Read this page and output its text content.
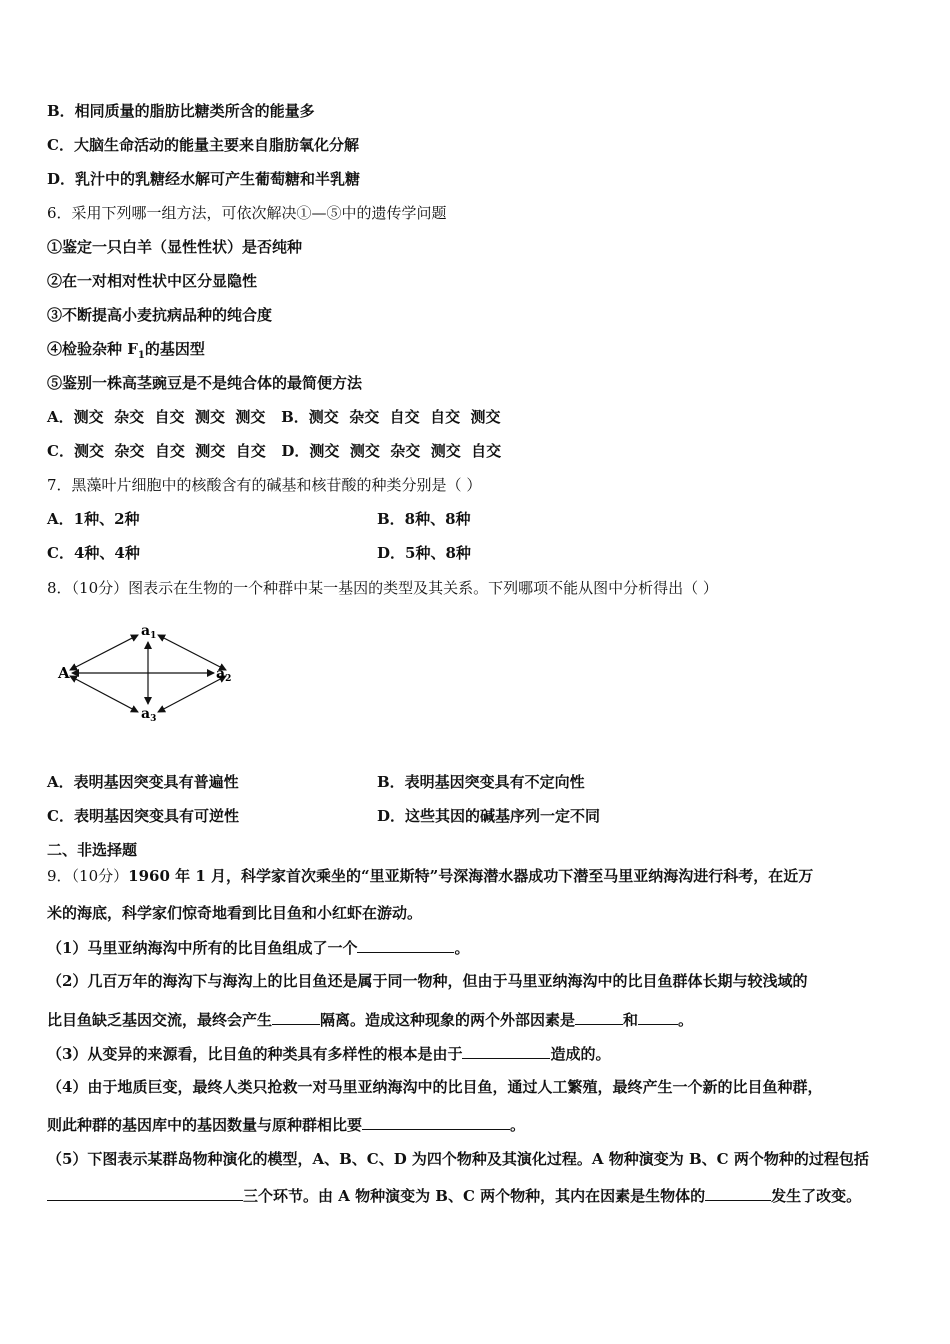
B．相同质量的脂肪比糖类所含的能量多
C．大脑生命活动的能量主要来自脂肪氧化分解
D．乳汁中的乳糖经水解可产生葡萄糖和半乳糖
6．采用下列哪一组方法，可依次解决①—⑤中的遗传学问题
①鉴定一只白羊（显性性状）是否纯种
②在一对相对性状中区分显隐性
③不断提高小麦抗病品种的纯合度
④检验杂种 $F_1$的基因型
⑤鉴别一株高茎豌豆是不是纯合体的最简便方法
A．测交  杂交  自交  测交  测交 B．测交  杂交  自交  自交  测交
C．测交  杂交  自交  测交  自交 D．测交  测交  杂交  测交  自交
7．黑藻叶片细胞中的核酸含有的碱基和核苷酸的种类分别是（ ）
A．1种、2种	B．8种、8种
C．4种、4种	D．5种、8种
8．（10分）图表示在生物的一个种群中某一基因的类型及其关系。下列哪项不能从图中分析得出（ ）
A
$a_1$
$a_2$
$a_3$
A．表明基因突变具有普遍性	B．表明基因突变具有不定向性
C．表明基因突变具有可逆性	D．这些其因的碱基序列一定不同
二、非选择题
9．（10分）1960 年 1 月，科学家首次乘坐的“里亚斯特”号深海潜水器成功下潜至马里亚纳海沟进行科考，在近万
米的海底，科学家们惊奇地看到比目鱼和小红虾在游动。
（1）马里亚纳海沟中所有的比目鱼组成了一个	。
（2）几百万年的海沟下与海沟上的比目鱼还是属于同一物种，但由于马里亚纳海沟中的比目鱼群体长期与较浅域的
比目鱼缺乏基因交流，最终会产生	隔离。造成这种现象的两个外部因素是	和	。
（3）从变异的来源看，比目鱼的种类具有多样性的根本是由于	造成的。
（4）由于地质巨变，最终人类只抢救一对马里亚纳海沟中的比目鱼，通过人工繁殖，最终产生一个新的比目鱼种群，
则此种群的基因库中的基因数量与原种群相比要	。
（5）下图表示某群岛物种演化的模型，A、B、C、D 为四个物种及其演化过程。A 物种演变为 B、C 两个物种的过程包括
三个环节。由 A 物种演变为 B、C 两个物种，其内在因素是生物体的	发生了改变。
